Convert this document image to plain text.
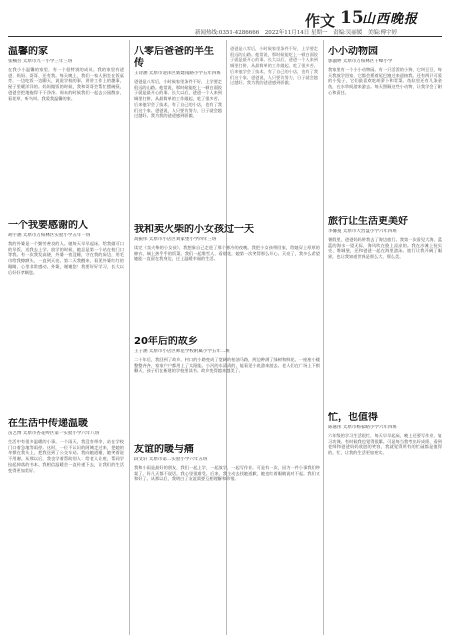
作文 15
山西晚报
新闻热线:0351-4286666　2022年11月14日 星期一　责编:吴丽媛　美编:傅宇婷
温馨的家
张楠吾 太原市九一小学三年三班

在我小小温馨的家里，有一个很特别的成员。我的家里有爸爸、妈妈、哥哥、还有我。每天晚上，我们一家人围坐在饭桌旁，一边吃饭一边聊天，说说学校的事，讲讲工作上的趣事，屋子里暖洋洋的。妈妈做饭的时候，我和哥哥会帮忙摆碗筷，爸爸会把地拖得干干净净。周末的时候我们一起去公园散步，看花草，听鸟叫。我爱我温馨的家。

一个我要感谢的人
胡宇涵 太原市万柏林区实验小学五年一班

我的外婆是一个勤劳善良的人。她每天早早起床，给我做可口的早饭，送我去上学。放学的时候，她总是第一个站在校门口等我。有一次我发高烧，外婆一夜没睡，守在我的床边，用毛巾给我擦额头，一直到天亮。第二天我醒来，看见外婆红红的眼睛，心里非常感动。外婆，谢谢您！我要好好学习，长大以后好好孝顺您。

在生活中传递温暖
苗艺博 太原市杏花岭区第一实验小学六年八班

生活中有很多温暖的小事。一个雨天，我没有带伞，站在学校门口着急地等雨停。这时，一位不认识的阿姨走过来，把她的伞撑在我头上，把我送到了公交车站。我向她道谢，她笑着说不用谢。从那以后，我也学着帮助别人：给老人让座，帮同学捡起掉落的书本。我相信温暖会一直传递下去，让我们的生活变得更加美好。

八零后爸爸的半生传
王诗涵 太原市迎泽区新建南路小学五年四班

爸爸是八零后，小时候家里条件不好，上学要走很远的山路。他常说，那时候能吃上一顿白面饺子就是最开心的事。长大以后，爸爸一个人来到城里打拼，从最简单的工作做起，吃了很多苦。后来他学会了技术，有了自己的小店，也有了我们这个家。爸爸说，人只要肯努力，日子就会越过越好。我为我的爸爸感到骄傲。

我和卖火柴的小女孩过一天
高振伟 太原市小店区刘家堡小学四年三班

读完《卖火柴的小女孩》，我想象自己走进了那个寒冷的夜晚。我把小女孩带回家，给她穿上厚厚的棉衣，端上热乎乎的饭菜。我们一起堆雪人、看烟花，她第一次笑得那么开心。天亮了，我多么希望她能一直留在我身边，过上温暖幸福的生活。

20年后的故乡
王子涵 太原市小店区师范学校附属小学五年二班

二十年后，我回到了故乡。村口的小路变成了宽阔的柏油马路，两边种满了绿树和鲜花。一座座小楼整整齐齐，家家户户都用上了太阳能。小河的水清清的，能看见小鱼游来游去。老人们在广场上下棋聊天，孩子们在新建的学校里读书。故乡变得越来越美了。

友谊的暖与痛
段文轩 太原市第二实验小学六年五班

我和小雨是最好的朋友，我们一起上学，一起放学，一起写作业。可是有一次，因为一件小事我们吵架了，好几天都不说话。我心里很难受。后来，我主动去找她道歉，她也红着眼睛说对不起。我们又和好了。从那以后，我明白了友谊需要互相理解和珍惜。

爸爸是八零后，小时候家里条件不好，上学要走很远的山路。他常说，那时候能吃上一顿白面饺子就是最开心的事。长大以后，爸爸一个人来到城里打拼，从最简单的工作做起，吃了很多苦。后来他学会了技术，有了自己的小店，也有了我们这个家。爸爸说，人只要肯努力，日子就会越过越好。我为我的爸爸感到骄傲。

小小动物园
郭淑婷 太原市万柏林区千峰小学

我家里有一个小小动物园。有一只活泼的小狗，它叫豆豆，每天我放学回家，它都会摇着尾巴跑过来迎接我。还有两只可爱的小兔子，它们最喜欢吃胡萝卜和青菜。鱼缸里还有几条金鱼，在水草间游来游去。每天照顾这些小动物，让我学会了耐心和责任。

旅行让生活更美好
李馨蔓 太原市大营盘小学六年四班

暑假里，爸爸妈妈带我去了海边旅行。我第一次看见大海，蓝蓝的海水一望无际，海风吹在脸上凉凉的。我在沙滩上捡贝壳、堆城堡，还和爸爸一起在海里游泳。旅行让我开阔了眼界，也让我知道世界是那么大、那么美。

忙，也值得
陈嘉彤 太原市杨家峪小学六年四班

六年级的学习生活很忙，每天早早起床，晚上还要写作业、复习功课。有时候我也觉得很累。可是每当我考出好成绩，看到老师和爸爸妈妈欣慰的笑容，我就觉得所有的忙碌都是值得的。忙，让我的生活更加充实。
